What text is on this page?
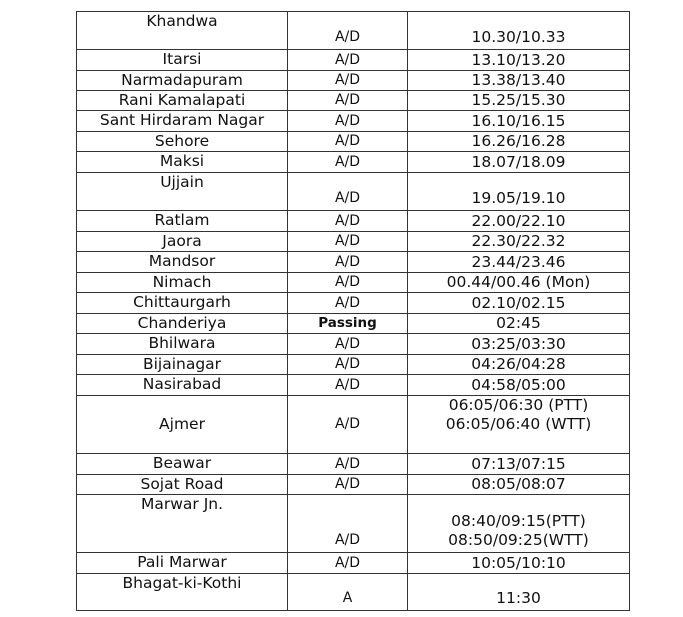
Khandwa	A/D	10.30/10.33

Itarsi	A/D	13.10/13.20

Narmadapuram	A/D	13.38/13.40

Rani Kamalapati	A/D	15.25/15.30

Sant Hirdaram Nagar	A/D	16.10/16.15

Sehore	A/D	16.26/16.28

Maksi	A/D	18.07/18.09

Ujjain	A/D	19.05/19.10

Ratlam	A/D	22.00/22.10

Jaora	A/D	22.30/22.32

Mandsor	A/D	23.44/23.46

Nimach	A/D	00.44/00.46 (Mon)

Chittaurgarh	A/D	02.10/02.15

Chanderiya	Passing	02:45

Bhilwara	A/D	03:25/03:30

Bijainagar	A/D	04:26/04:28

Nasirabad	A/D	04:58/05:00

Ajmer	A/D	06:05/06:30 (PTT)
06:05/06:40 (WTT)

Beawar	A/D	07:13/07:15

Sojat Road	A/D	08:05/08:07

Marwar Jn.	A/D	08:40/09:15(PTT)
08:50/09:25(WTT)

Pali Marwar	A/D	10:05/10:10

Bhagat-ki-Kothi	A	11:30
